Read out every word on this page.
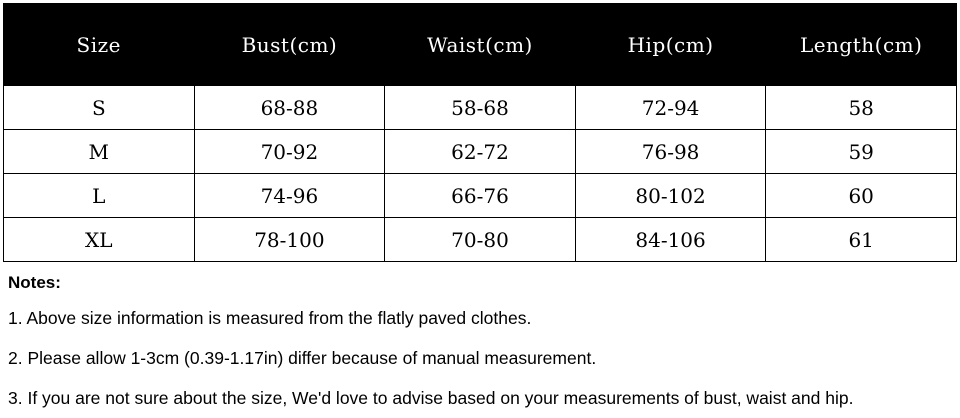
Size	Bust(cm)	Waist(cm)	Hip(cm)	Length(cm)
S	68-88	58-68	72-94	58
M	70-92	62-72	76-98	59
L	74-96	66-76	80-102	60
XL	78-100	70-80	84-106	61
Notes:
1. Above size information is measured from the flatly paved clothes.
2. Please allow 1-3cm (0.39-1.17in) differ because of manual measurement.
3. If you are not sure about the size, We'd love to advise based on your measurements of bust, waist and hip.
